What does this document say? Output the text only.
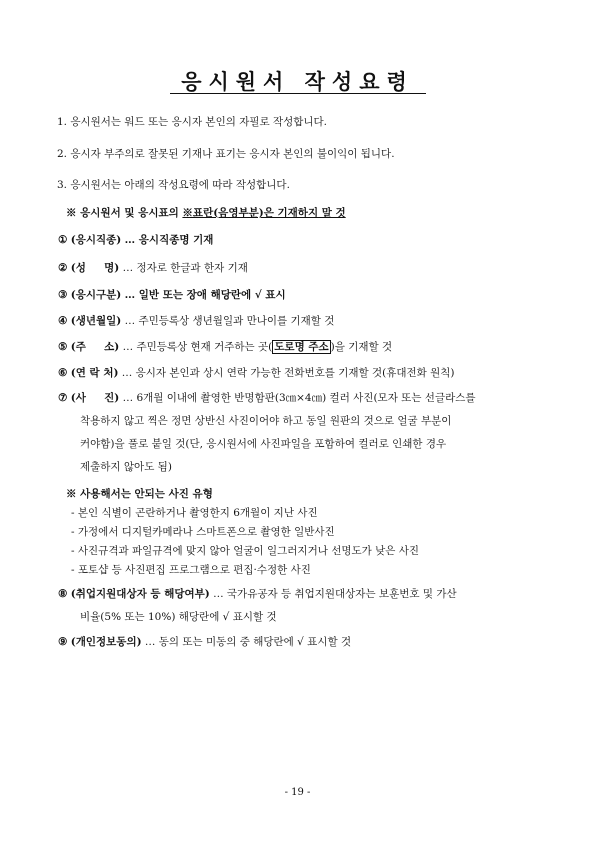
응시원서 작성요령
1. 응시원서는 워드 또는 응시자 본인의 자필로 작성합니다.
2. 응시자 부주의로 잘못된 기재나 표기는 응시자 본인의 불이익이 됩니다.
3. 응시원서는 아래의 작성요령에 따라 작성합니다.
※ 응시원서 및 응시표의 ※표란(음영부분)은 기재하지 말 것
① (응시직종) … 응시직종명 기재
② (성     명) … 정자로 한글과 한자 기재
③ (응시구분) … 일반 또는 장애 해당란에 √ 표시
④ (생년월일) … 주민등록상 생년월일과 만나이를 기재할 것
⑤ (주     소) … 주민등록상 현재 거주하는 곳( 도로명 주소 )을 기재할 것
⑥ (연 락 처) … 응시자 본인과 상시 연락 가능한 전화번호를 기재할 것(휴대전화 원칙)
⑦ (사     진) … 6개월 이내에 촬영한 반명함판(3㎝×4㎝) 컬러 사진(모자 또는 선글라스를
착용하지 않고 찍은 정면 상반신 사진이어야 하고 동일 원판의 것으로 얼굴 부분이
커야함)을 풀로 붙일 것(단, 응시원서에 사진파일을 포함하여 컬러로 인쇄한 경우
제출하지 않아도 됨)
※ 사용해서는 안되는 사진 유형
- 본인 식별이 곤란하거나 촬영한지 6개월이 지난 사진
- 가정에서 디지털카메라나 스마트폰으로 촬영한 일반사진
- 사진규격과 파일규격에 맞지 않아 얼굴이 일그러지거나 선명도가 낮은 사진
- 포토샵 등 사진편집 프로그램으로 편집·수정한 사진
⑧ (취업지원대상자 등 해당여부) … 국가유공자 등 취업지원대상자는 보훈번호 및 가산
비율(5% 또는 10%) 해당란에 √ 표시할 것
⑨ (개인정보동의) … 동의 또는 미동의 중 해당란에 √ 표시할 것
- 19 -
